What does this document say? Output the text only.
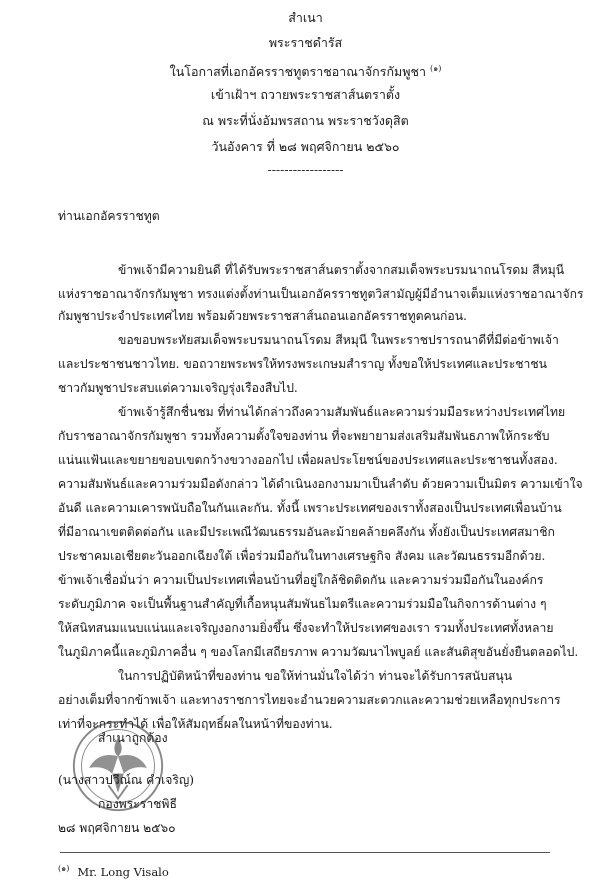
สำเนา
พระราชดำรัส
ในโอกาสที่เอกอัครราชทูตราชอาณาจักรกัมพูชา $^{(๑)}$
เข้าเฝ้าฯ ถวายพระราชสาส์นตราตั้ง
ณ พระที่นั่งอัมพรสถาน พระราชวังดุสิต
วันอังคาร ที่ ๒๘ พฤศจิกายน ๒๕๖๐
------------------
ท่านเอกอัครราชทูต
ข้าพเจ้ามีความยินดี ที่ได้รับพระราชสาส์นตราตั้งจากสมเด็จพระบรมนาถนโรดม สีหมุนี
แห่งราชอาณาจักรกัมพูชา ทรงแต่งตั้งท่านเป็นเอกอัครราชทูตวิสามัญผู้มีอำนาจเต็มแห่งราชอาณาจักร
กัมพูชาประจำประเทศไทย พร้อมด้วยพระราชสาส์นถอนเอกอัครราชทูตคนก่อน.
ขอขอบพระทัยสมเด็จพระบรมนาถนโรดม สีหมุนี ในพระราชปรารถนาดีที่มีต่อข้าพเจ้า
และประชาชนชาวไทย. ขอถวายพระพรให้ทรงพระเกษมสำราญ ทั้งขอให้ประเทศและประชาชน
ชาวกัมพูชาประสบแต่ความเจริญรุ่งเรืองสืบไป.
ข้าพเจ้ารู้สึกชื่นชม ที่ท่านได้กล่าวถึงความสัมพันธ์และความร่วมมือระหว่างประเทศไทย
กับราชอาณาจักรกัมพูชา รวมทั้งความตั้งใจของท่าน ที่จะพยายามส่งเสริมสัมพันธภาพให้กระชับ
แน่นแฟ้นและขยายขอบเขตกว้างขวางออกไป เพื่อผลประโยชน์ของประเทศและประชาชนทั้งสอง.
ความสัมพันธ์และความร่วมมือดังกล่าว ได้ดำเนินงอกงามมาเป็นลำดับ ด้วยความเป็นมิตร ความเข้าใจ
อันดี และความเคารพนับถือในกันและกัน. ทั้งนี้ เพราะประเทศของเราทั้งสองเป็นประเทศเพื่อนบ้าน
ที่มีอาณาเขตติดต่อกัน และมีประเพณีวัฒนธรรมอันละม้ายคล้ายคลึงกัน ทั้งยังเป็นประเทศสมาชิก
ประชาคมเอเชียตะวันออกเฉียงใต้ เพื่อร่วมมือกันในทางเศรษฐกิจ สังคม และวัฒนธรรมอีกด้วย.
ข้าพเจ้าเชื่อมั่นว่า ความเป็นประเทศเพื่อนบ้านที่อยู่ใกล้ชิดติดกัน และความร่วมมือกันในองค์กร
ระดับภูมิภาค จะเป็นพื้นฐานสำคัญที่เกื้อหนุนสัมพันธไมตรีและความร่วมมือในกิจการด้านต่าง ๆ
ให้สนิทสนมแนบแน่นและเจริญงอกงามยิ่งขึ้น ซึ่งจะทำให้ประเทศของเรา รวมทั้งประเทศทั้งหลาย
ในภูมิภาคนี้และภูมิภาคอื่น ๆ ของโลกมีเสถียรภาพ ความวัฒนาไพบูลย์ และสันติสุขอันยั่งยืนตลอดไป.
ในการปฏิบัติหน้าที่ของท่าน ขอให้ท่านมั่นใจได้ว่า ท่านจะได้รับการสนับสนุน
อย่างเต็มที่จากข้าพเจ้า และทางราชการไทยจะอำนวยความสะดวกและความช่วยเหลือทุกประการ
เท่าที่จะกระทำได้ เพื่อให้สัมฤทธิ์ผลในหน้าที่ของท่าน.
สำเนาถูกต้อง
(นางสาวปวีณ์ณ คำเจริญ)
กองพระราชพิธี
๒๘ พฤศจิกายน ๒๕๖๐
$^{(๑)}$ Mr. Long Visalo
